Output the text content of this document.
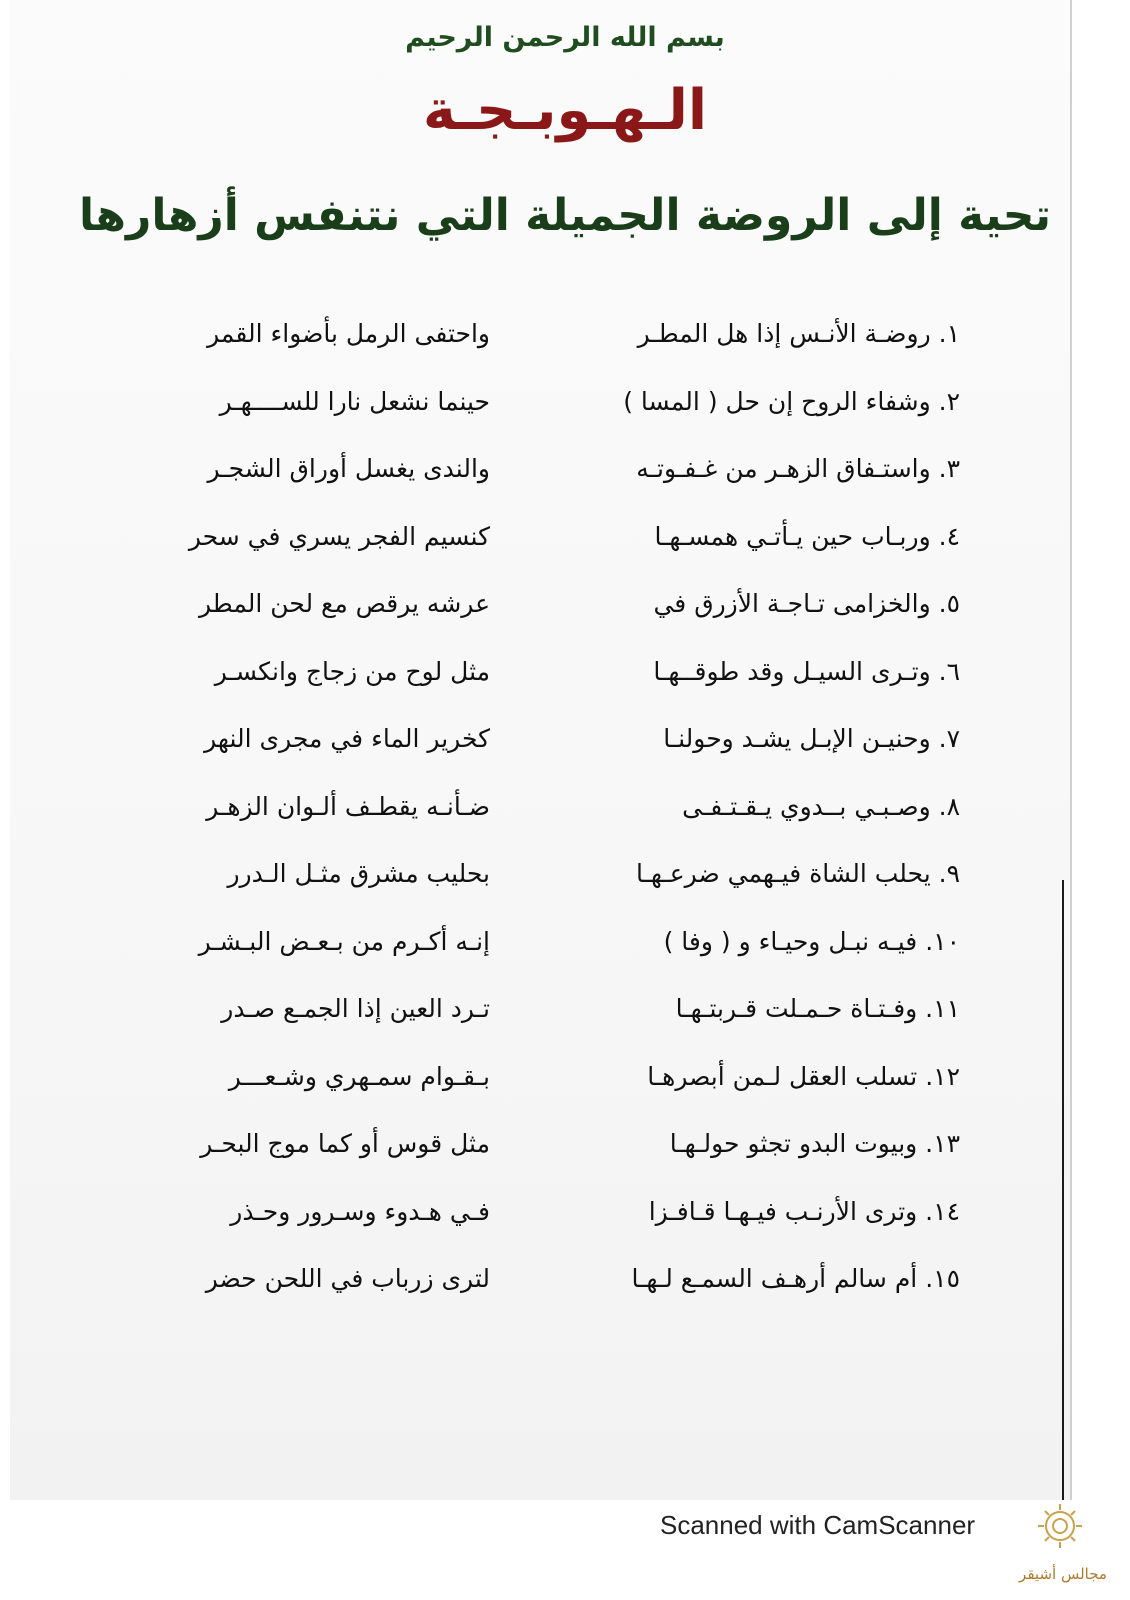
بسم الله الرحمن الرحيم
الـهـوبـجـة
تحية إلى الروضة الجميلة التي نتنفس أزهارها
١. روضـة الأنـس إذا هل المطـر
واحتفى الرمل بأضواء القمر
٢. وشفاء الروح إن حل ( المسا )
حينما نشعل نارا للســــهـر
٣. واستـفاق الزهـر من غـفـوتـه
والندى يغسل أوراق الشجـر
٤. وربـاب حين يـأتـي همسـهـا
كنسيم الفجر يسري في سحر
٥. والخزامى تـاجـة الأزرق في
عرشه يرقص مع لحن المطر
٦. وتـرى السيـل وقد طوقــهـا
مثل لوح من زجاج وانكسـر
٧. وحنيـن الإبـل يشـد وحولنـا
كخرير الماء في مجرى النهر
٨. وصـبـي بــدوي يـقـتـفـى
ضـأنـه يقطـف ألـوان الزهـر
٩. يحلب الشاة فيـهمي ضرعـهـا
بحليب مشرق مثـل الـدرر
١٠. فيـه نبـل وحيـاء و ( وفا )
إنـه أكـرم من بـعـض البـشـر
١١. وفـتـاة حـمـلت قـربتـهـا
تـرد العين إذا الجمـع صـدر
١٢. تسلب العقل لـمن أبصرهـا
بـقـوام سمـهري وشـعـــر
١٣. وبيوت البدو تجثو حولـهـا
مثل قوس أو كما موج البحـر
١٤. وترى الأرنـب فيـهـا قـافـزا
فـي هـدوء وسـرور وحـذر
١٥. أم سالم أرهـف السمـع لـهـا
لترى زرباب في اللحن حضر
Scanned with CamScanner
مجالس أشيقر
